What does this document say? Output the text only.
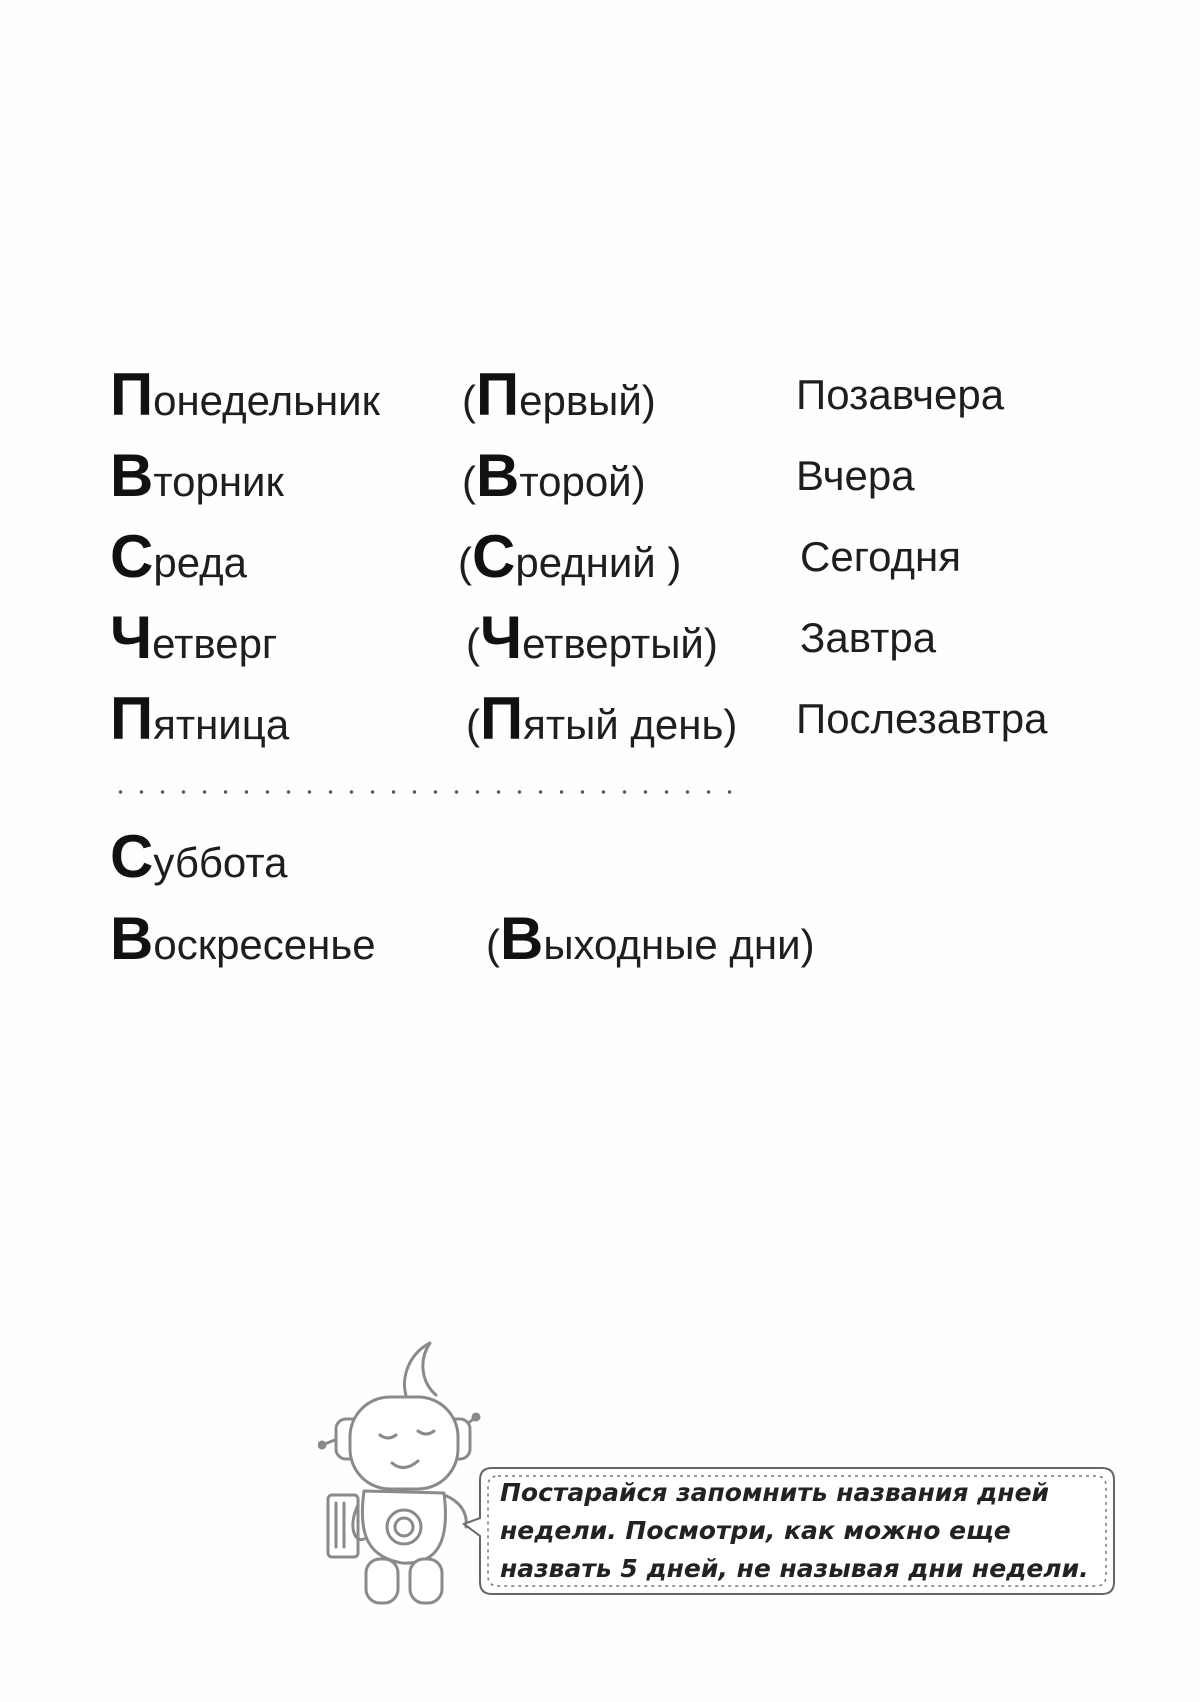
Понедельник (Первый)	Позавчера
Вторник	(Второй)	Вчера
Среда	(Средний )	Сегодня
Четверг	(Четвертый) Завтра
Пятница	(Пятый день) Послезавтра
Суббота
Воскресенье	(Выходные дни)
Постарайся запомнить названия дней
недели. Посмотри, как можно еще
назвать 5 дней, не называя дни недели.
